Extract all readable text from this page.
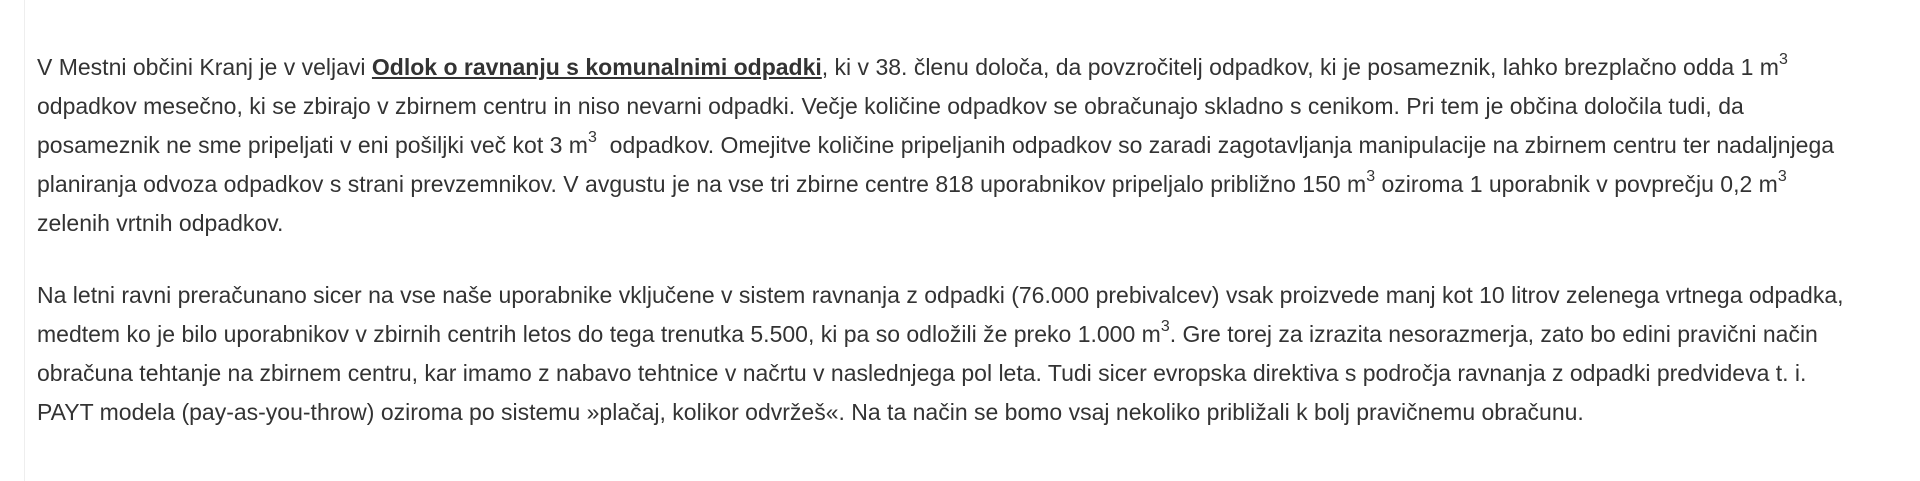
V Mestni občini Kranj je v veljavi Odlok o ravnanju s komunalnimi odpadki, ki v 38. členu določa, da povzročitelj odpadkov, ki je posameznik, lahko brezplačno odda 1 $m^3$
odpadkov mesečno, ki se zbirajo v zbirnem centru in niso nevarni odpadki. Večje količine odpadkov se obračunajo skladno s cenikom. Pri tem je občina določila tudi, da
posameznik ne sme pripeljati v eni pošiljki več kot 3 $m^3$  odpadkov. Omejitve količine pripeljanih odpadkov so zaradi zagotavljanja manipulacije na zbirnem centru ter nadaljnjega
planiranja odvoza odpadkov s strani prevzemnikov. V avgustu je na vse tri zbirne centre 818 uporabnikov pripeljalo približno 150 $m^3$ oziroma 1 uporabnik v povprečju 0,2 $m^3$
zelenih vrtnih odpadkov.
Na letni ravni preračunano sicer na vse naše uporabnike vključene v sistem ravnanja z odpadki (76.000 prebivalcev) vsak proizvede manj kot 10 litrov zelenega vrtnega odpadka,
medtem ko je bilo uporabnikov v zbirnih centrih letos do tega trenutka 5.500, ki pa so odložili že preko 1.000 $m^3$. Gre torej za izrazita nesorazmerja, zato bo edini pravični način
obračuna tehtanje na zbirnem centru, kar imamo z nabavo tehtnice v načrtu v naslednjega pol leta. Tudi sicer evropska direktiva s področja ravnanja z odpadki predvideva t. i.
PAYT modela (pay-as-you-throw) oziroma po sistemu »plačaj, kolikor odvržeš«. Na ta način se bomo vsaj nekoliko približali k bolj pravičnemu obračunu.
